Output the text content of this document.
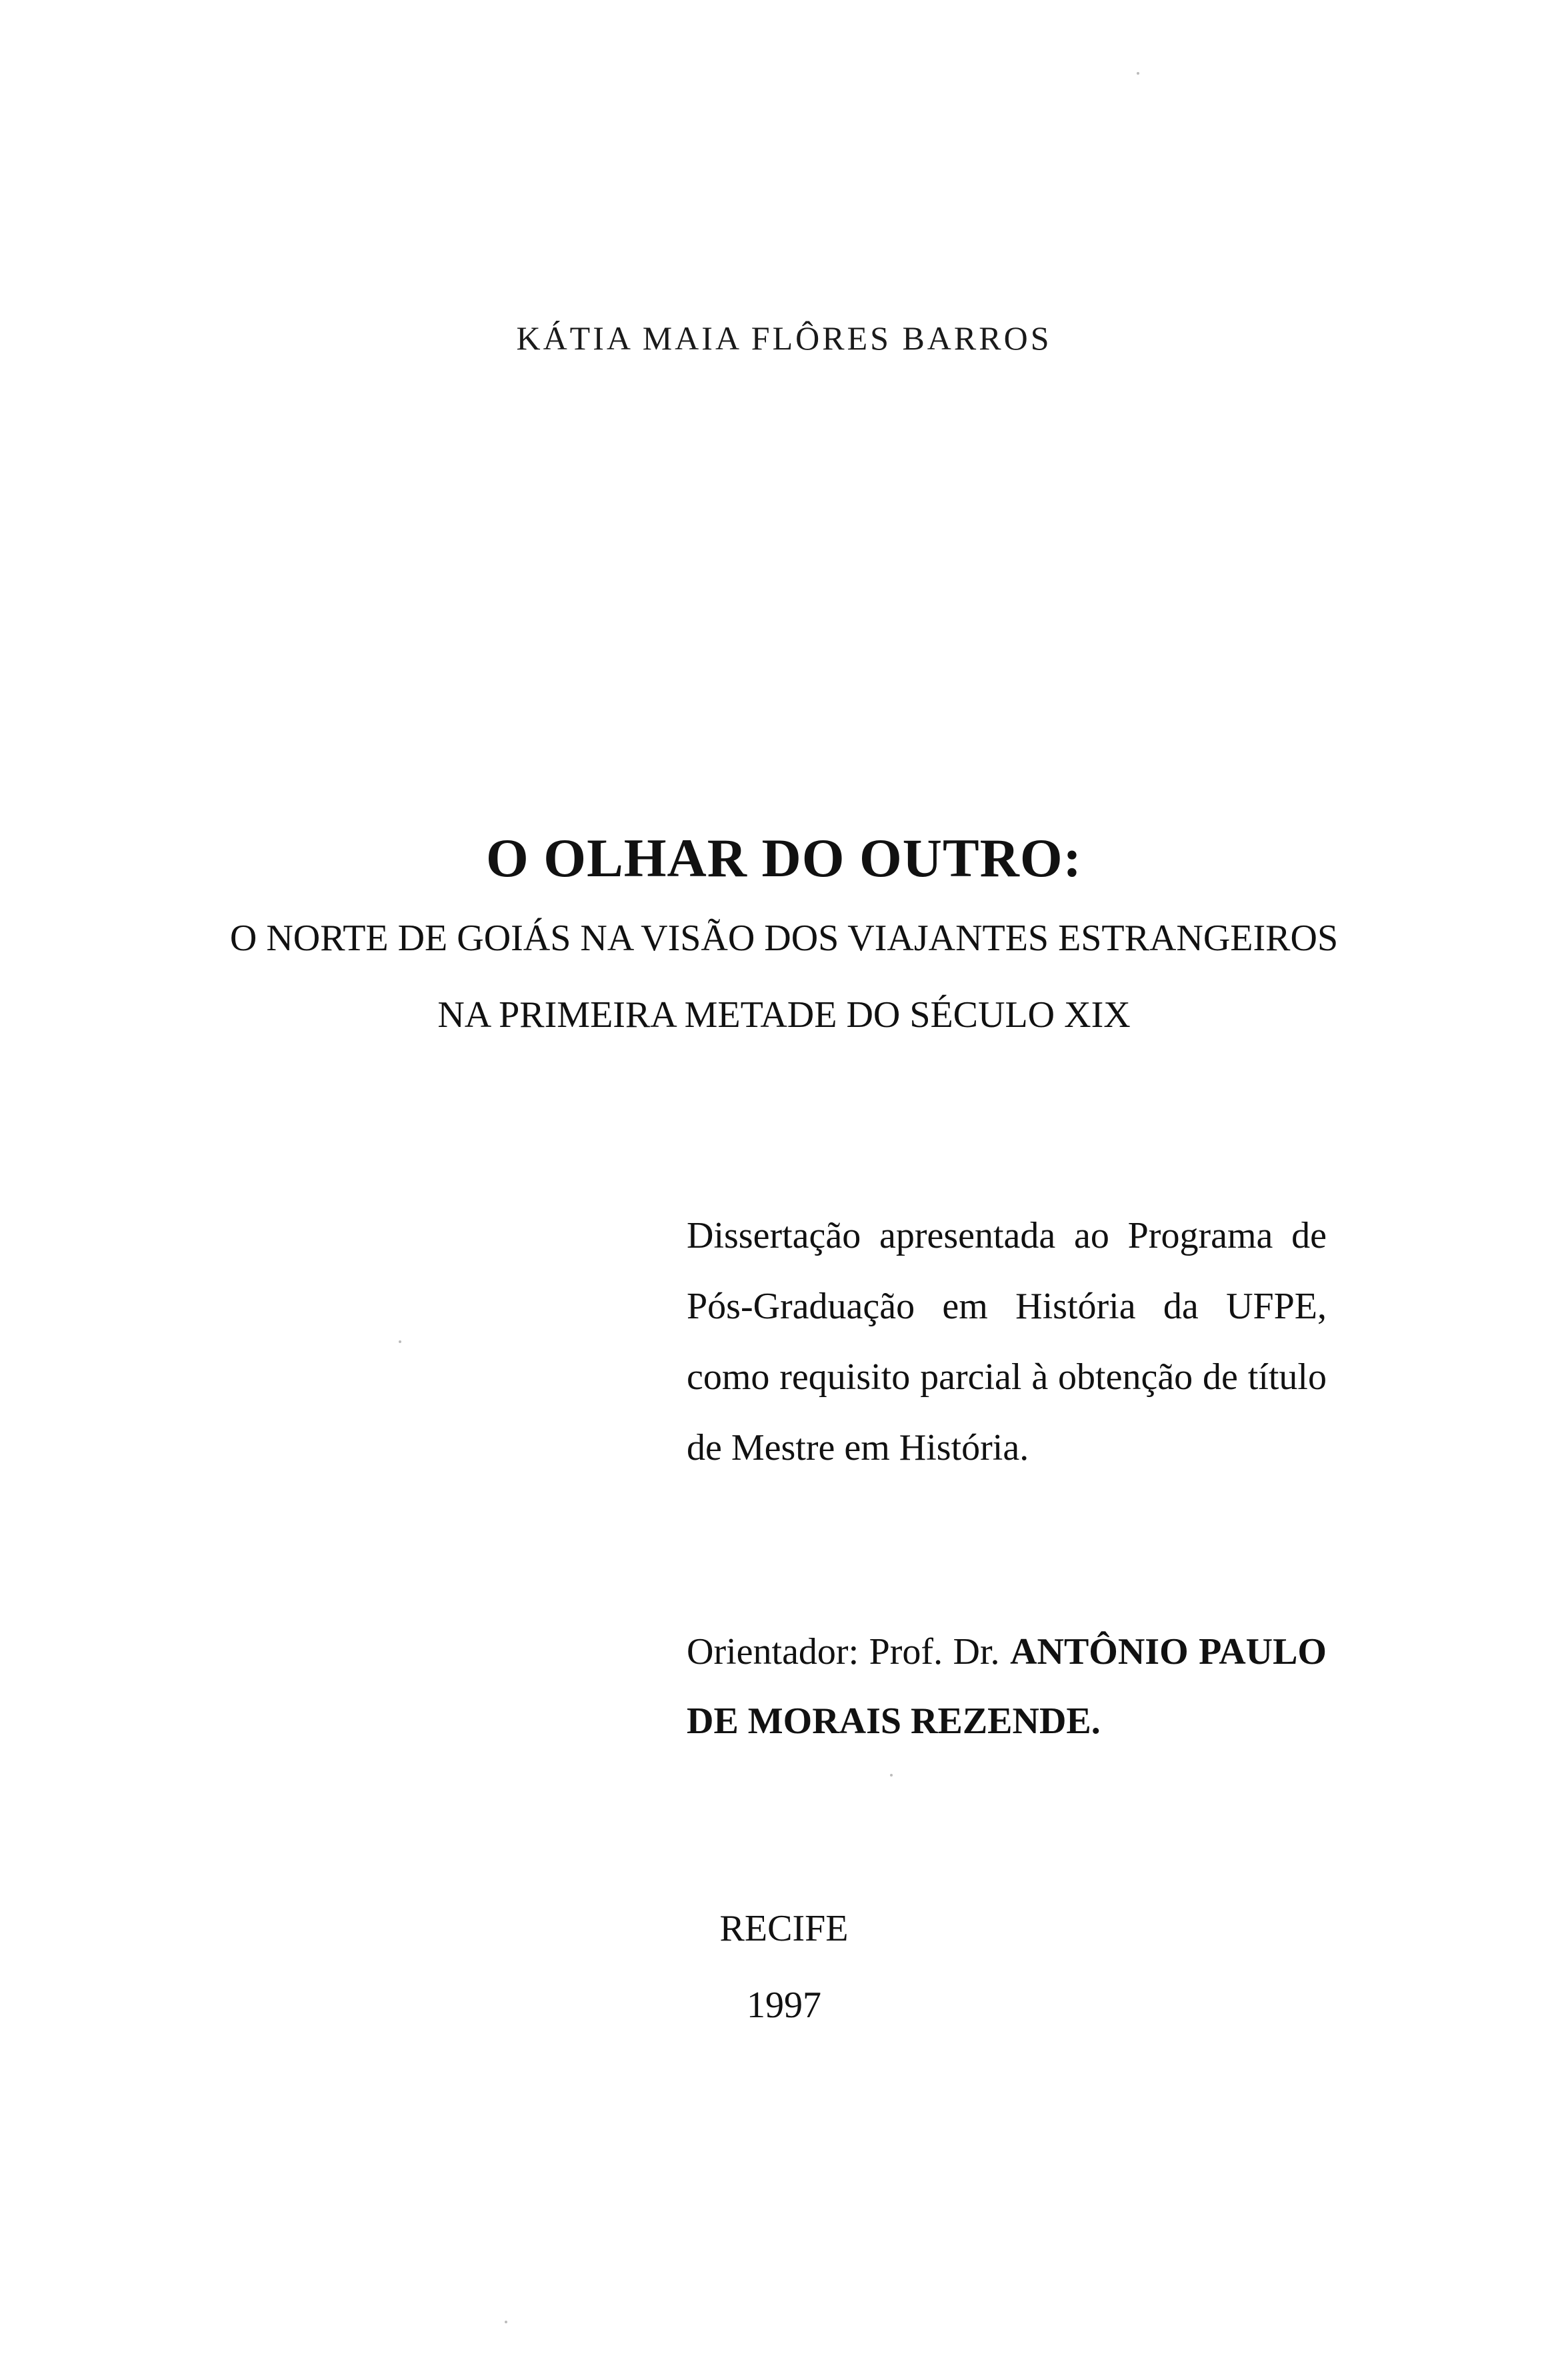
KÁTIA MAIA FLÔRES BARROS
O OLHAR DO OUTRO:
O NORTE DE GOIÁS NA VISÃO DOS VIAJANTES ESTRANGEIROS
NA PRIMEIRA METADE DO SÉCULO XIX
Dissertação apresentada ao Programa de Pós-Graduação em História da UFPE, como requisito parcial à obtenção de título de Mestre em História.
Orientador: Prof. Dr. ANTÔNIO PAULO DE MORAIS REZENDE.
RECIFE
1997
